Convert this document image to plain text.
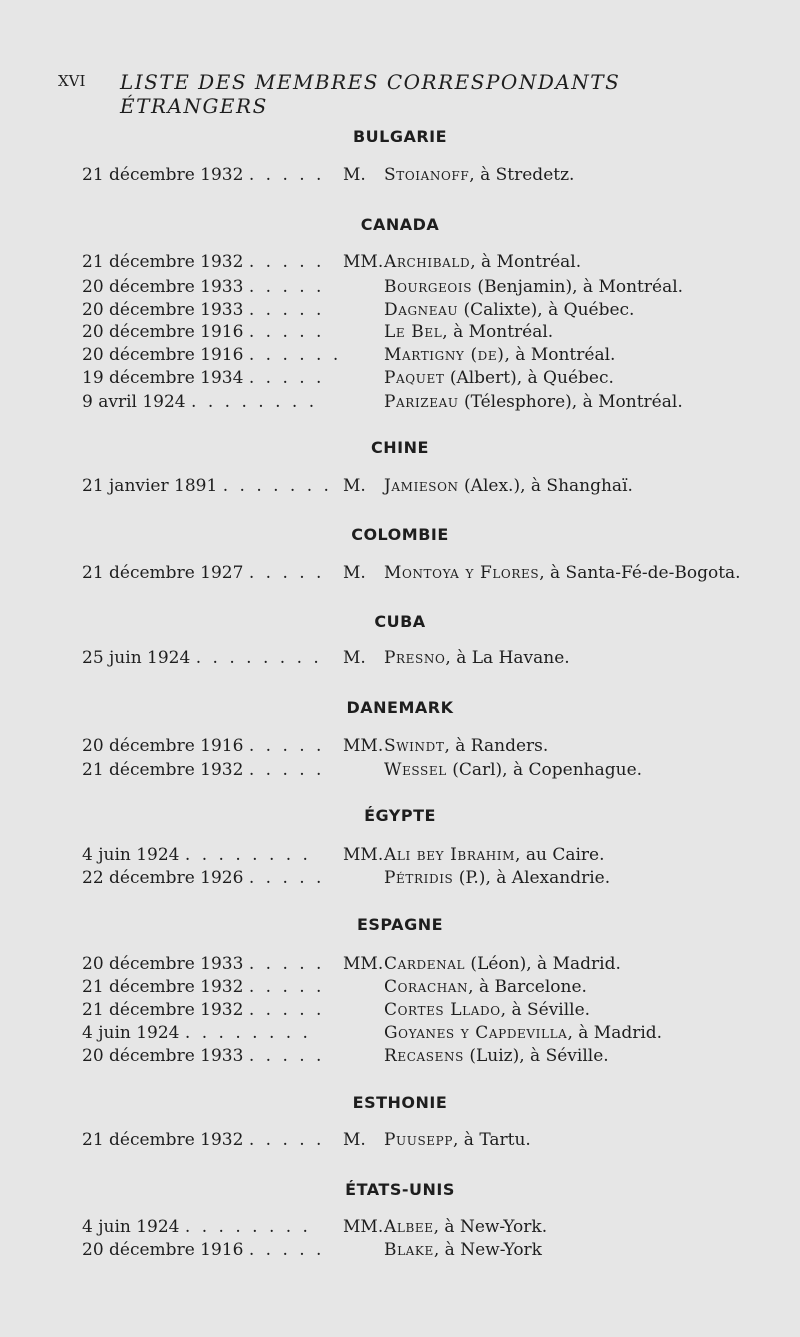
XVI LISTE DES MEMBRES CORRESPONDANTS ÉTRANGERS
BULGARIE
21 décembre 1932 . . . . . M. Stoianoff, à Stredetz.
CANADA
21 décembre 1932 . . . . . MM. Archibald, à Montréal.
20 décembre 1933 . . . . .	Bourgeois (Benjamin), à Montréal.
20 décembre 1933 . . . . .	Dagneau (Calixte), à Québec.
20 décembre 1916 . . . . .	Le Bel, à Montréal.
20 décembre 1916 . . . . . .	Martigny (de), à Montréal.
19 décembre 1934 . . . . .	Paquet (Albert), à Québec.
9 avril 1924 . . . . . . . .	Parizeau (Télesphore), à Montréal.
CHINE
21 janvier 1891 . . . . . . . M. Jamieson (Alex.), à Shanghaï.
COLOMBIE
21 décembre 1927 . . . . . M. Montoya y Flores, à Santa-Fé-de-Bogota.
CUBA
25 juin 1924 . . . . . . . . M. Presno, à La Havane.
DANEMARK
20 décembre 1916 . . . . . MM. Swindt, à Randers.
21 décembre 1932 . . . . .	Wessel (Carl), à Copenhague.
ÉGYPTE
4 juin 1924 . . . . . . . . MM. Ali bey Ibrahim, au Caire.
22 décembre 1926 . . . . .	Pétridis (P.), à Alexandrie.
ESPAGNE
20 décembre 1933 . . . . . MM. Cardenal (Léon), à Madrid.
21 décembre 1932 . . . . .	Corachan, à Barcelone.
21 décembre 1932 . . . . .	Cortes Llado, à Séville.
4 juin 1924 . . . . . . . .	Goyanes y Capdevilla, à Madrid.
20 décembre 1933 . . . . .	Recasens (Luiz), à Séville.
ESTHONIE
21 décembre 1932 . . . . . M. Puusepp, à Tartu.
ÉTATS-UNIS
4 juin 1924 . . . . . . . . MM. Albee, à New-York.
20 décembre 1916 . . . . .	Blake, à New-York
